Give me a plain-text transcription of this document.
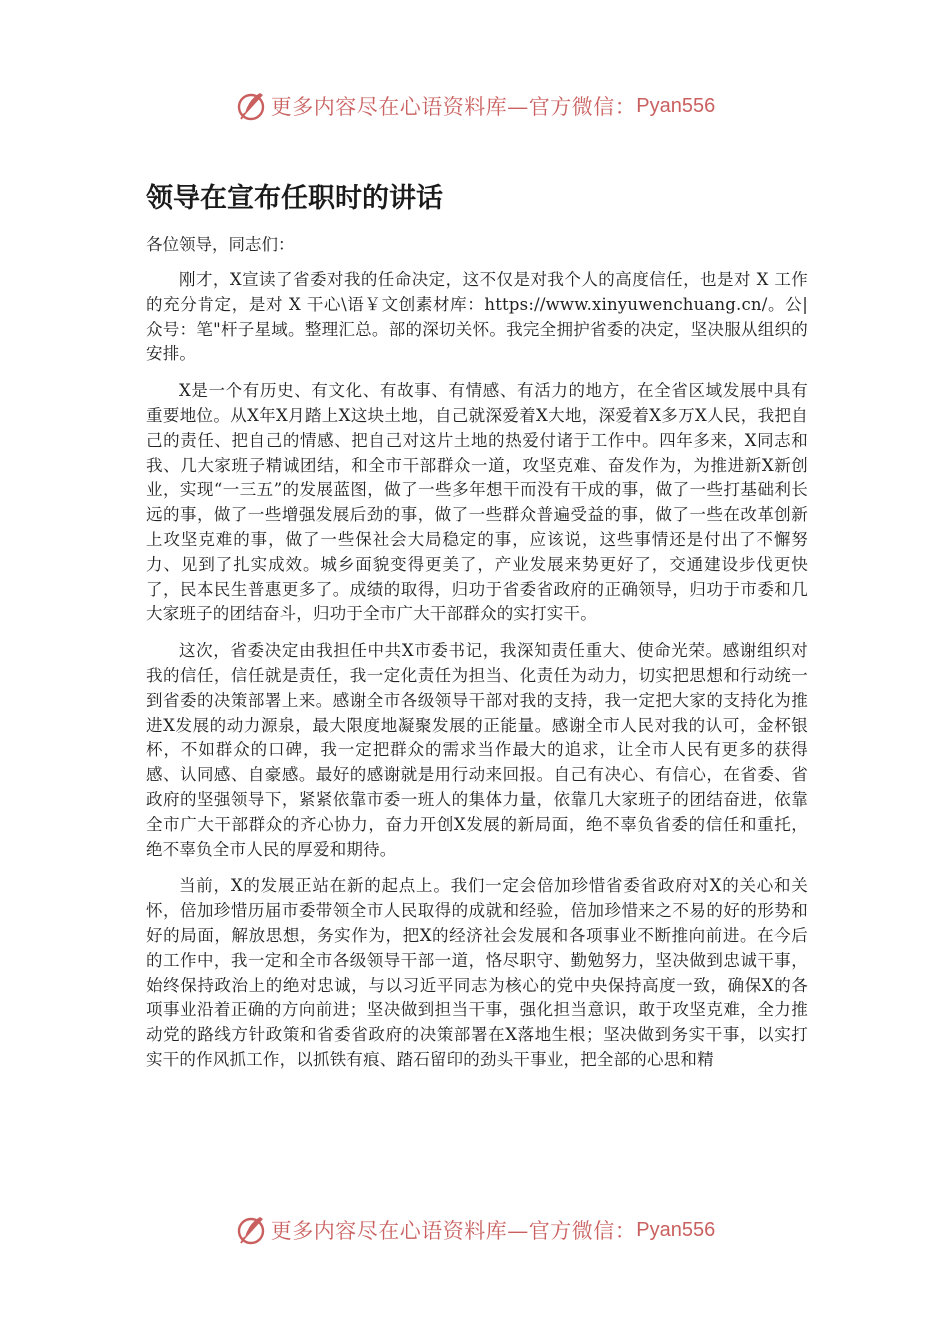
更多内容尽在心语资料库—官方微信： Pyan556
领导在宣布任职时的讲话

各位领导，同志们：

刚才，X宣读了省委对我的任命决定，这不仅是对我个人的高度信任，也是对 X 工作的充分肯定，是对 X 干心\语￥文创素材库：https://www.xinyuwenchuang.cn/。公|众号：笔"杆子星域。整理汇总。部的深切关怀。我完全拥护省委的决定，坚决服从组织的安排。

X是一个有历史、有文化、有故事、有情感、有活力的地方，在全省区域发展中具有重要地位。从X年X月踏上X这块土地，自己就深爱着X大地，深爱着X多万X人民，我把自己的责任、把自己的情感、把自己对这片土地的热爱付诸于工作中。四年多来，X同志和我、几大家班子精诚团结，和全市干部群众一道，攻坚克难、奋发作为，为推进新X新创业，实现“一三五”的发展蓝图，做了一些多年想干而没有干成的事，做了一些打基础利长远的事，做了一些增强发展后劲的事，做了一些群众普遍受益的事，做了一些在改革创新上攻坚克难的事，做了一些保社会大局稳定的事，应该说，这些事情还是付出了不懈努力、见到了扎实成效。城乡面貌变得更美了，产业发展来势更好了，交通建设步伐更快了，民本民生普惠更多了。成绩的取得，归功于省委省政府的正确领导，归功于市委和几大家班子的团结奋斗，归功于全市广大干部群众的实打实干。

这次，省委决定由我担任中共X市委书记，我深知责任重大、使命光荣。感谢组织对我的信任，信任就是责任，我一定化责任为担当、化责任为动力，切实把思想和行动统一到省委的决策部署上来。感谢全市各级领导干部对我的支持，我一定把大家的支持化为推进X发展的动力源泉，最大限度地凝聚发展的正能量。感谢全市人民对我的认可，金杯银杯，不如群众的口碑，我一定把群众的需求当作最大的追求，让全市人民有更多的获得感、认同感、自豪感。最好的感谢就是用行动来回报。自己有决心、有信心，在省委、省政府的坚强领导下，紧紧依靠市委一班人的集体力量，依靠几大家班子的团结奋进，依靠全市广大干部群众的齐心协力，奋力开创X发展的新局面，绝不辜负省委的信任和重托，绝不辜负全市人民的厚爱和期待。

当前，X的发展正站在新的起点上。我们一定会倍加珍惜省委省政府对X的关心和关怀，倍加珍惜历届市委带领全市人民取得的成就和经验，倍加珍惜来之不易的好的形势和好的局面，解放思想，务实作为，把X的经济社会发展和各项事业不断推向前进。在今后的工作中，我一定和全市各级领导干部一道，恪尽职守、勤勉努力，坚决做到忠诚干事，始终保持政治上的绝对忠诚，与以习近平同志为核心的党中央保持高度一致，确保X的各项事业沿着正确的方向前进；坚决做到担当干事，强化担当意识，敢于攻坚克难，全力推动党的路线方针政策和省委省政府的决策部署在X落地生根；坚决做到务实干事，以实打实干的作风抓工作，以抓铁有痕、踏石留印的劲头干事业，把全部的心思和精

更多内容尽在心语资料库—官方微信： Pyan556
